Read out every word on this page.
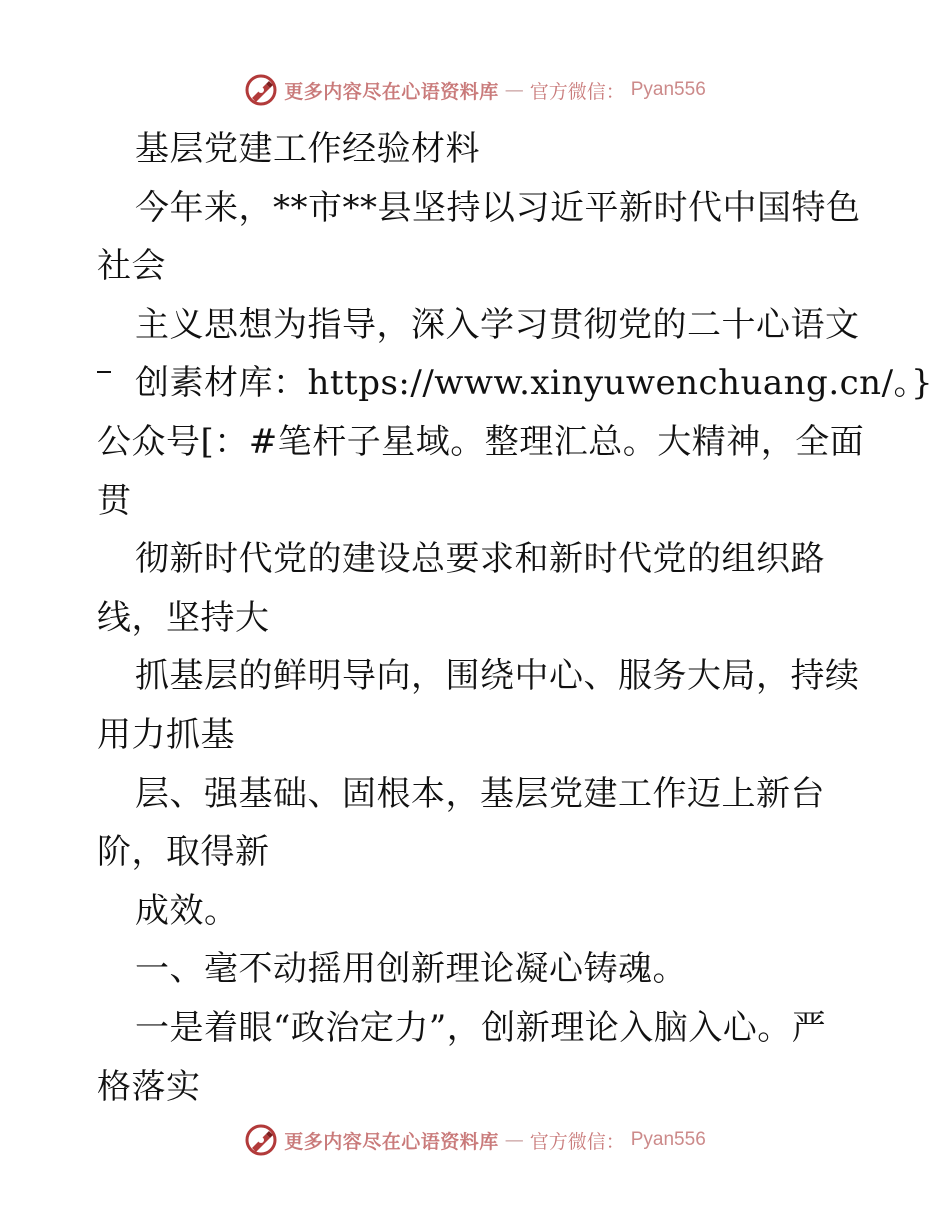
更多内容尽在心语资料库 — 官方微信： Pyan556
基层党建工作经验材料
今年来，**市**县坚持以习近平新时代中国特色
社会
主义思想为指导，深入学习贯彻党的二十心语文
创素材库：https://www.xinyuwenchuang.cn/。}
公众号[：#笔杆子星域。整理汇总。大精神，全面
贯
彻新时代党的建设总要求和新时代党的组织路
线，坚持大
抓基层的鲜明导向，围绕中心、服务大局，持续
用力抓基
层、强基础、固根本，基层党建工作迈上新台
阶，取得新
成效。
一、毫不动摇用创新理论凝心铸魂。
一是着眼“政治定力”，创新理论入脑入心。严
格落实
更多内容尽在心语资料库 — 官方微信： Pyan556
